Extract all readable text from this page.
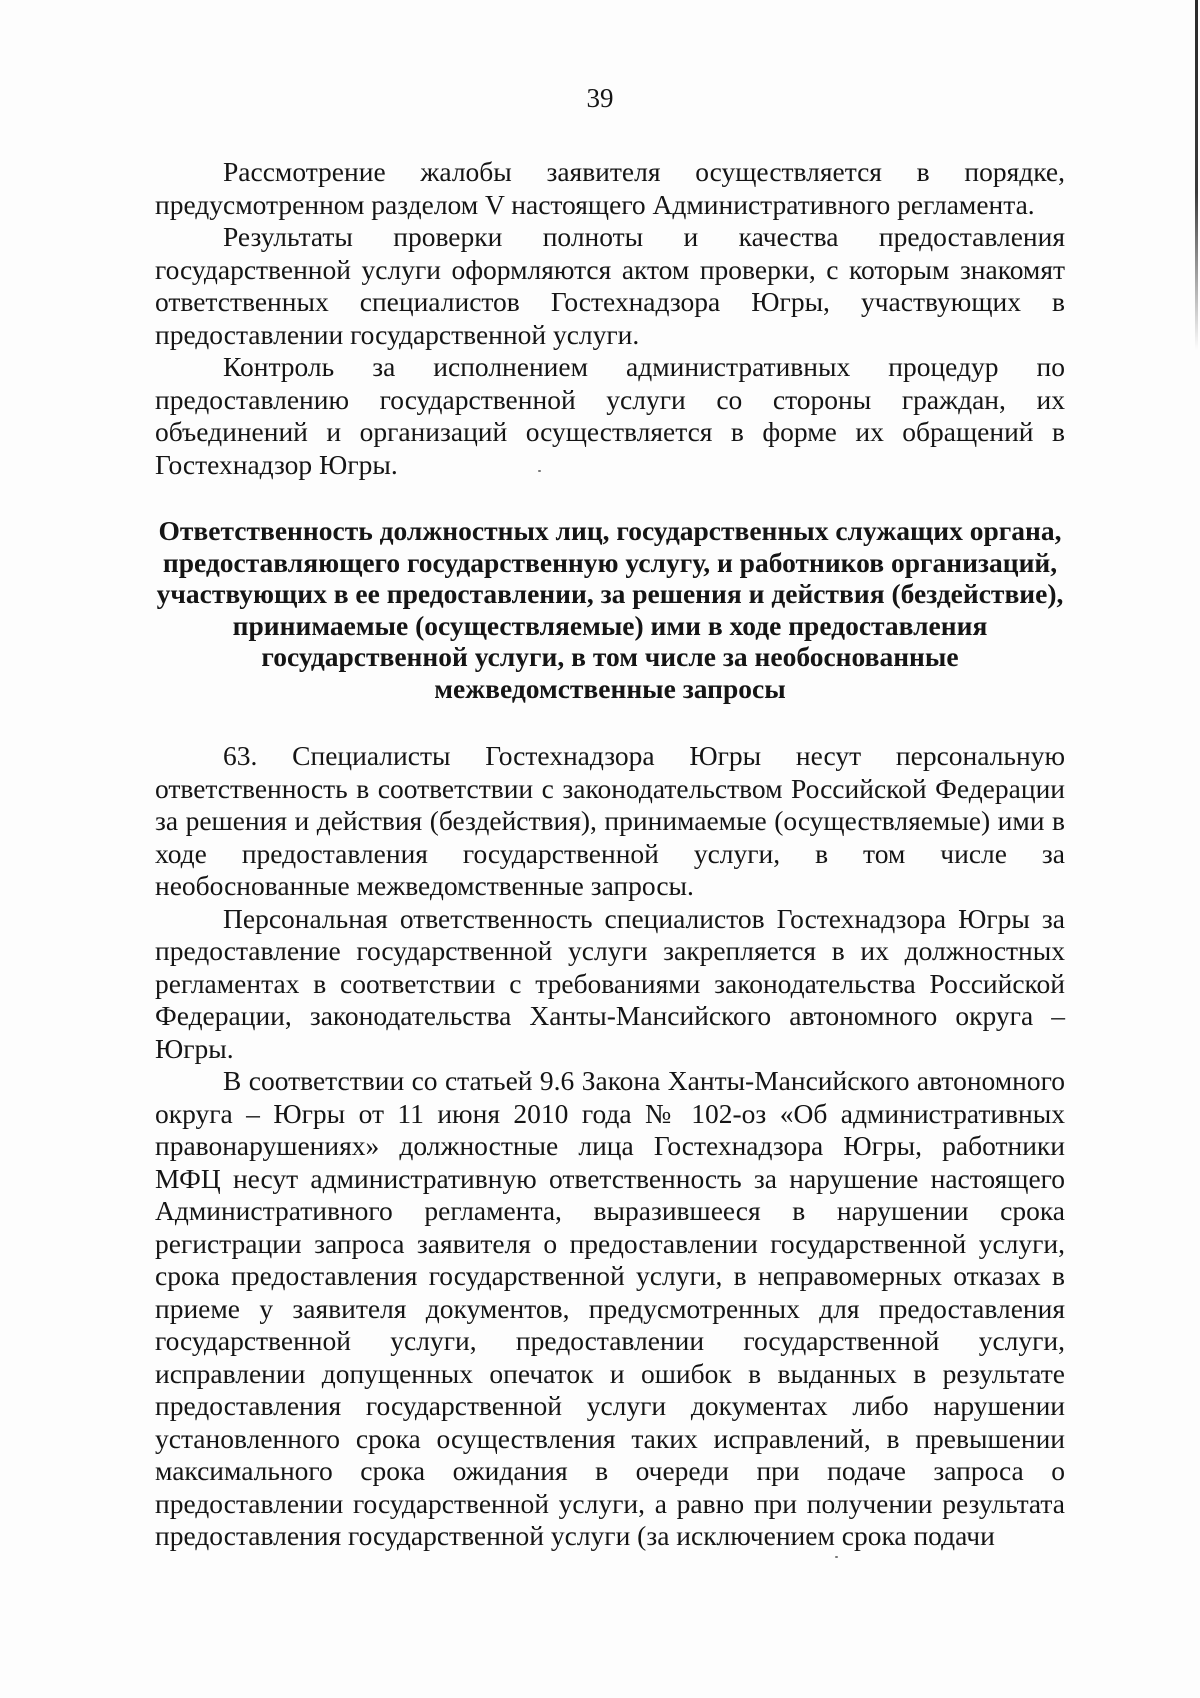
39

Рассмотрение жалобы заявителя осуществляется в порядке, предусмотренном разделом V настоящего Административного регламента.

Результаты проверки полноты и качества предоставления государственной услуги оформляются актом проверки, с которым знакомят ответственных специалистов Гостехнадзора Югры, участвующих в предоставлении государственной услуги.

Контроль за исполнением административных процедур по предоставлению государственной услуги со стороны граждан, их объединений и организаций осуществляется в форме их обращений в Гостехнадзор Югры.

Ответственность должностных лиц, государственных служащих органа, предоставляющего государственную услугу, и работников организаций, участвующих в ее предоставлении, за решения и действия (бездействие), принимаемые (осуществляемые) ими в ходе предоставления государственной услуги, в том числе за необоснованные межведомственные запросы

63. Специалисты Гостехнадзора Югры несут персональную ответственность в соответствии с законодательством Российской Федерации за решения и действия (бездействия), принимаемые (осуществляемые) ими в ходе предоставления государственной услуги, в том числе за необоснованные межведомственные запросы.

Персональная ответственность специалистов Гостехнадзора Югры за предоставление государственной услуги закрепляется в их должностных регламентах в соответствии с требованиями законодательства Российской Федерации, законодательства Ханты-Мансийского автономного округа – Югры.

В соответствии со статьей 9.6 Закона Ханты-Мансийского автономного округа – Югры от 11 июня 2010 года № 102-оз «Об административных правонарушениях» должностные лица Гостехнадзора Югры, работники МФЦ несут административную ответственность за нарушение настоящего Административного регламента, выразившееся в нарушении срока регистрации запроса заявителя о предоставлении государственной услуги, срока предоставления государственной услуги, в неправомерных отказах в приеме у заявителя документов, предусмотренных для предоставления государственной услуги, предоставлении государственной услуги, исправлении допущенных опечаток и ошибок в выданных в результате предоставления государственной услуги документах либо нарушении установленного срока осуществления таких исправлений, в превышении максимального срока ожидания в очереди при подаче запроса о предоставлении государственной услуги, а равно при получении результата предоставления государственной услуги (за исключением срока подачи
